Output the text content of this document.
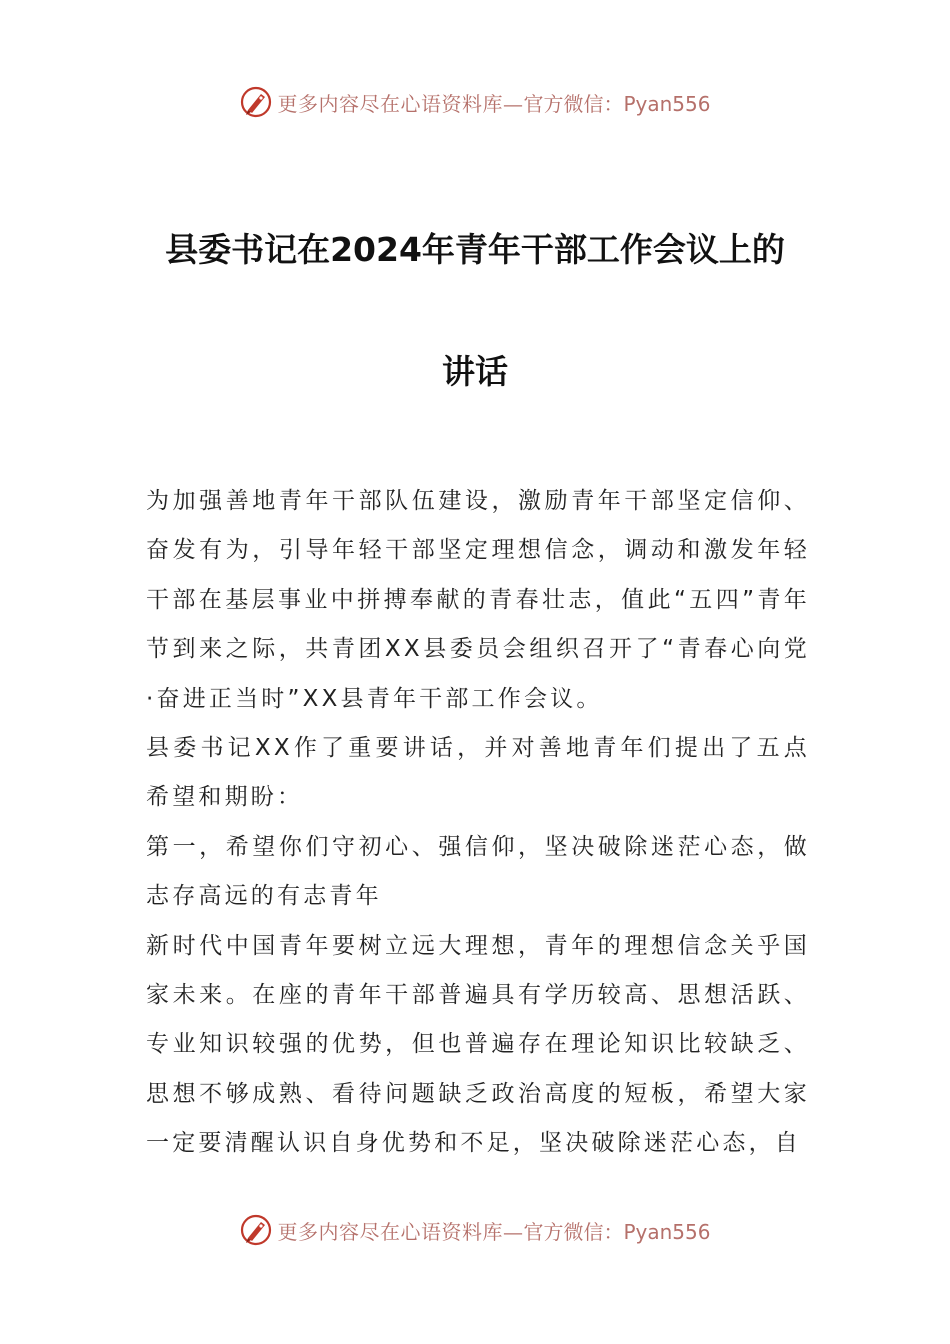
更多内容尽在心语资料库— 官方微信：Pyan556
县委书记在2024年青年干部工作会议上的
讲话

为加强善地青年干部队伍建设，激励青年干部坚定信仰、奋发有为，引导年轻干部坚定理想信念，调动和激发年轻干部在基层事业中拼搏奉献的青春壮志，值此“五四”青年节到来之际，共青团XX县委员会组织召开了“青春心向党·奋进正当时”XX县青年干部工作会议。

县委书记XX作了重要讲话，并对善地青年们提出了五点希望和期盼：

第一，希望你们守初心、强信仰，坚决破除迷茫心态，做志存高远的有志青年

新时代中国青年要树立远大理想，青年的理想信念关乎国家未来。在座的青年干部普遍具有学历较高、思想活跃、专业知识较强的优势，但也普遍存在理论知识比较缺乏、思想不够成熟、看待问题缺乏政治高度的短板，希望大家一定要清醒认识自身优势和不足，坚决破除迷茫心态，自

更多内容尽在心语资料库— 官方微信：Pyan556
